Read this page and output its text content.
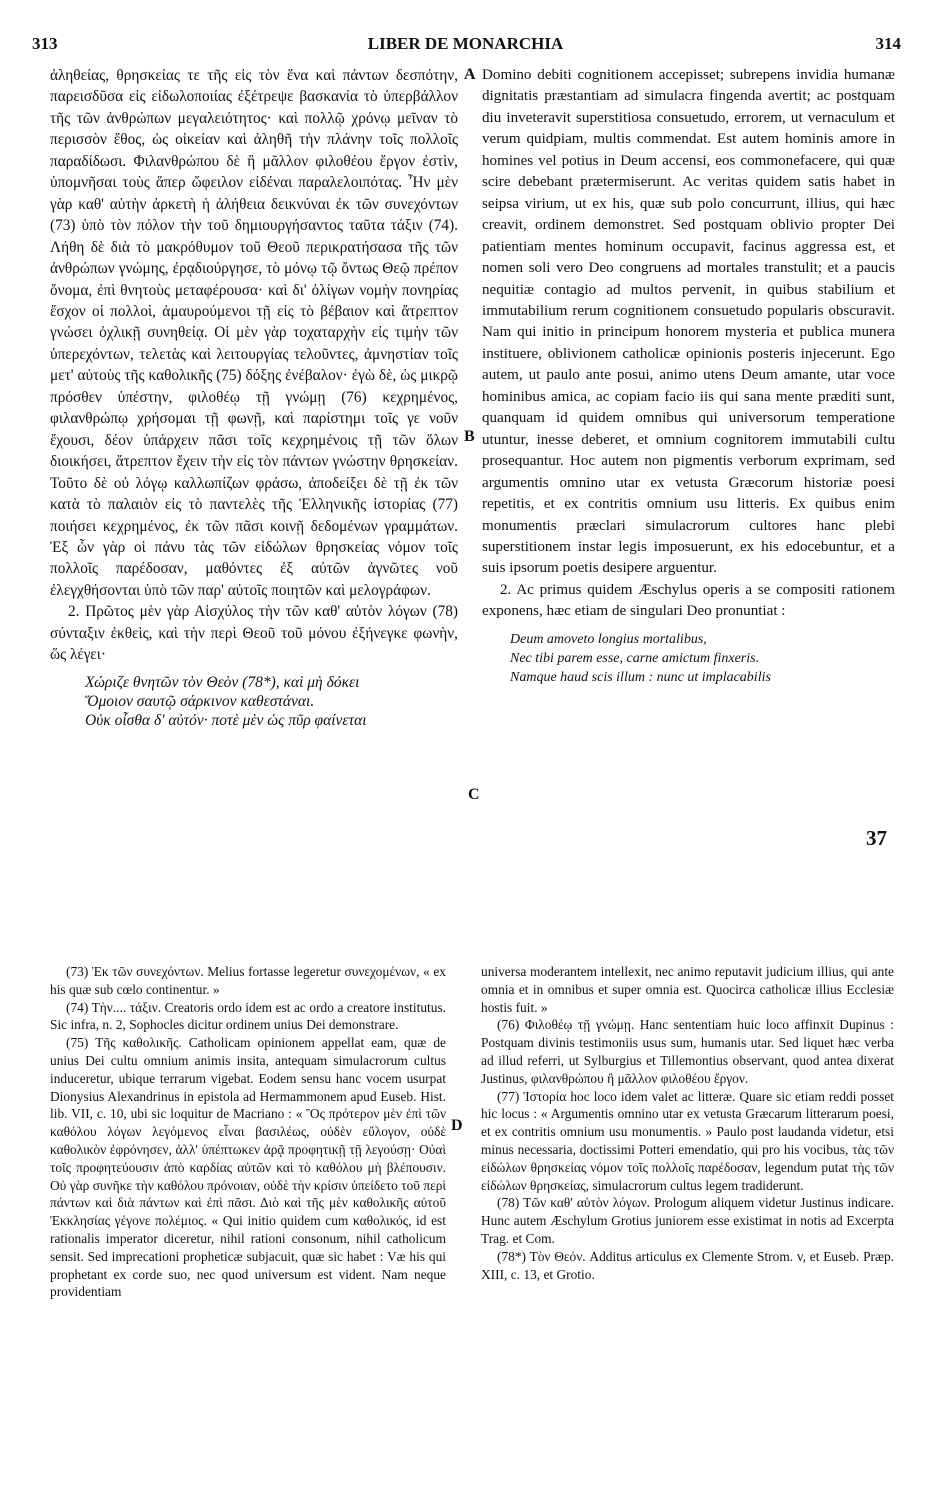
313	LIBER DE MONARCHIA	314

ἀληθείας, θρησκείας τε τῆς εἰς τὸν ἕνα καὶ πάντων δεσπότην, παρεισδῦσα εἰς εἰδωλοποιίας ἐξέτρεψε βασκανία τὸ ὑπερβάλλον τῆς τῶν ἀνθρώπων μεγαλειότητος· καὶ πολλῷ χρόνῳ μεῖναν τὸ περισσὸν ἔθος, ὡς οἰκείαν καὶ ἀληθῆ τὴν πλάνην τοῖς πολλοῖς παραδίδωσι. Φιλανθρώπου δὲ ἢ μᾶλλον φιλοθέου ἔργον ἐστὶν, ὑπομνῆσαι τοὺς ἅπερ ὤφειλον εἰδέναι παραλελοιπότας. Ἦν μὲν γὰρ καθ' αὑτὴν ἀρκετὴ ἡ ἀλήθεια δεικνύναι ἐκ τῶν συνεχόντων (73) ὑπὸ τὸν πόλον τὴν τοῦ δημιουργήσαντος ταῦτα τάξιν (74). Λήθη δὲ διὰ τὸ μακρόθυμον τοῦ Θεοῦ περικρατήσασα τῆς τῶν ἀνθρώπων γνώμης, ἐρᾳδιούργησε, τὸ μόνῳ τῷ ὄντως Θεῷ πρέπον ὄνομα, ἐπὶ θνητοὺς μεταφέρουσα· καὶ δι' ὀλίγων νομὴν πονηρίας ἔσχον οἱ πολλοὶ, ἀμαυρούμενοι τῇ εἰς τὸ βέβαιον καὶ ἄτρεπτον γνώσει ὀχλικῇ συνηθείᾳ. Οἱ μὲν γὰρ τοχαταρχὴν εἰς τιμὴν τῶν ὑπερεχόντων, τελετὰς καὶ λειτουργίας τελοῦντες, ἀμνηστίαν τοῖς μετ' αὐτοὺς τῆς καθολικῆς (75) δόξης ἐνέβαλον· ἐγὼ δὲ, ὡς μικρῷ πρόσθεν ὑπέστην, φιλοθέῳ τῇ γνώμῃ (76) κεχρημένος, φιλανθρώπῳ χρήσομαι τῇ φωνῇ, καὶ παρίστημι τοῖς γε νοῦν ἔχουσι, δέον ὑπάρχειν πᾶσι τοῖς κεχρημένοις τῇ τῶν ὅλων διοικήσει, ἄτρεπτον ἔχειν τὴν εἰς τὸν πάντων γνώστην θρησκείαν. Τοῦτο δὲ οὐ λόγῳ καλλωπίζων φράσω, ἀποδείξει δὲ τῇ ἐκ τῶν κατὰ τὸ παλαιὸν εἰς τὸ παντελὲς τῆς Ἑλληνικῆς ἱστορίας (77) ποιήσει κεχρημένος, ἐκ τῶν πᾶσι κοινῇ δεδομένων γραμμάτων. Ἐξ ὧν γὰρ οἱ πάνυ τὰς τῶν εἰδώλων θρησκείας νόμον τοῖς πολλοῖς παρέδοσαν, μαθόντες ἐξ αὐτῶν ἀγνῶτες νοῦ ἐλεγχθήσονται ὑπὸ τῶν παρ' αὐτοῖς ποιητῶν καὶ μελογράφων.

2. Πρῶτος μὲν γὰρ Αἰσχύλος τὴν τῶν καθ' αὑτὸν λόγων (78) σύνταξιν ἐκθεὶς, καὶ τὴν περὶ Θεοῦ τοῦ μόνου ἐξήνεγκε φωνὴν, ὥς λέγει·

Χώριζε θνητῶν τὸν Θεὸν (78*), καὶ μὴ δόκει
Ὅμοιον σαυτῷ σάρκινον καθεστάναι.
Οὐκ οἶσθα δ' αὐτόν· ποτὲ μὲν ὡς πῦρ φαίνεται

Domino debiti cognitionem accepisset; subrepens invidia humanæ dignitatis præstantiam ad simulacra fingenda avertit; ac postquam diu inveteravit superstitiosa consuetudo, errorem, ut vernaculum et verum quidpiam, multis commendat. Est autem hominis amore in homines vel potius in Deum accensi, eos commonefacere, qui quæ scire debebant prætermiserunt. Ac veritas quidem satis habet in seipsa virium, ut ex his, quæ sub polo concurrunt, illius, qui hæc creavit, ordinem demonstret. Sed postquam oblivio propter Dei patientiam mentes hominum occupavit, facinus aggressa est, et nomen soli vero Deo congruens ad mortales transtulit; et a paucis nequitiæ contagio ad multos pervenit, in quibus stabilium et immutabilium rerum cognitionem consuetudo popularis obscuravit. Nam qui initio in principum honorem mysteria et publica munera instituere, oblivionem catholicæ opinionis posteris injecerunt. Ego autem, ut paulo ante posui, animo utens Deum amante, utar voce hominibus amica, ac copiam facio iis qui sana mente præditi sunt, quanquam id quidem omnibus qui universorum temperatione utuntur, inesse deberet, et omnium cognitorem immutabili cultu prosequantur. Hoc autem non pigmentis verborum exprimam, sed argumentis omnino utar ex vetusta Græcorum historiæ poesi repetitis, et ex contritis omnium usu litteris. Ex quibus enim monumentis præclari simulacrorum cultores hanc plebi superstitionem instar legis imposuerunt, ex his edocebuntur, et a suis ipsorum poetis desipere arguentur.

2. Ac primus quidem Æschylus operis a se compositi rationem exponens, hæc etiam de singulari Deo pronuntiat :

Deum amoveto longius mortalibus,
Nec tibi parem esse, carne amictum finxeris.
Namque haud scis illum : nunc ut implacabilis
A
B
C
D
37

(73) Ἐκ τῶν συνεχόντων. Melius fortasse legeretur συνεχομένων, « ex his quæ sub cœlo continentur. »

(74) Τὴν.... τάξιν. Creatoris ordo idem est ac ordo a creatore institutus. Sic infra, n. 2, Sophocles dicitur ordinem unius Dei demonstrare.

(75) Τῆς καθολικῆς. Catholicam opinionem appellat eam, quæ de unius Dei cultu omnium animis insita, antequam simulacrorum cultus induceretur, ubique terrarum vigebat. Eodem sensu hanc vocem usurpat Dionysius Alexandrinus in epistola ad Hermammonem apud Euseb. Hist. lib. VII, c. 10, ubi sic loquitur de Macriano : « Ὃς πρότερον μὲν ἐπὶ τῶν καθόλου λόγων λεγόμενος εἶναι βασιλέως, οὐδὲν εὔλογον, οὐδὲ καθολικὸν ἐφρόνησεν, ἀλλ' ὑπέπτωκεν ἀρᾷ προφητικῇ τῇ λεγούσῃ· Οὐαὶ τοῖς προφητεύουσιν ἀπὸ καρδίας αὐτῶν καὶ τὸ καθόλου μὴ βλέπουσιν. Οὐ γὰρ συνῆκε τὴν καθόλου πρόνοιαν, οὐδὲ τὴν κρίσιν ὑπείδετο τοῦ περὶ πάντων καὶ διὰ πάντων καὶ ἐπὶ πᾶσι. Διὸ καὶ τῆς μὲν καθολικῆς αὐτοῦ Ἐκκλησίας γέγονε πολέμιος. « Qui initio quidem cum καθολικός, id est rationalis imperator diceretur, nihil rationi consonum, nihil catholicum sensit. Sed imprecationi propheticæ subjacuit, quæ sic habet : Væ his qui prophetant ex corde suo, nec quod universum est vident. Nam neque providentiam

universa moderantem intellexit, nec animo reputavit judicium illius, qui ante omnia et in omnibus et super omnia est. Quocirca catholicæ illius Ecclesiæ hostis fuit. »

(76) Φιλοθέῳ τῇ γνώμῃ. Hanc sententiam huic loco affinxit Dupinus : Postquam divinis testimoniis usus sum, humanis utar. Sed liquet hæc verba ad illud referri, ut Sylburgius et Tillemontius observant, quod antea dixerat Justinus, φιλανθρώπου ἢ μᾶλλον φιλοθέου ἔργον.

(77) Ἱστορία hoc loco idem valet ac litteræ. Quare sic etiam reddi posset hic locus : « Argumentis omnino utar ex vetusta Græcarum litterarum poesi, et ex contritis omnium usu monumentis. » Paulo post laudanda videtur, etsi minus necessaria, doctissimi Potteri emendatio, qui pro his vocibus, τὰς τῶν εἰδώλων θρησκείας νόμον τοῖς πολλοῖς παρέδοσαν, legendum putat τὴς τῶν εἰδώλων θρησκείας, simulacrorum cultus legem tradiderunt.

(78) Τῶν καθ' αὑτὸν λόγων. Prologum aliquem videtur Justinus indicare. Hunc autem Æschylum Grotius juniorem esse existimat in notis ad Excerpta Trag. et Com.

(78*) Τὸν Θεόν. Additus articulus ex Clemente Strom. v, et Euseb. Præp. XIII, c. 13, et Grotio.
